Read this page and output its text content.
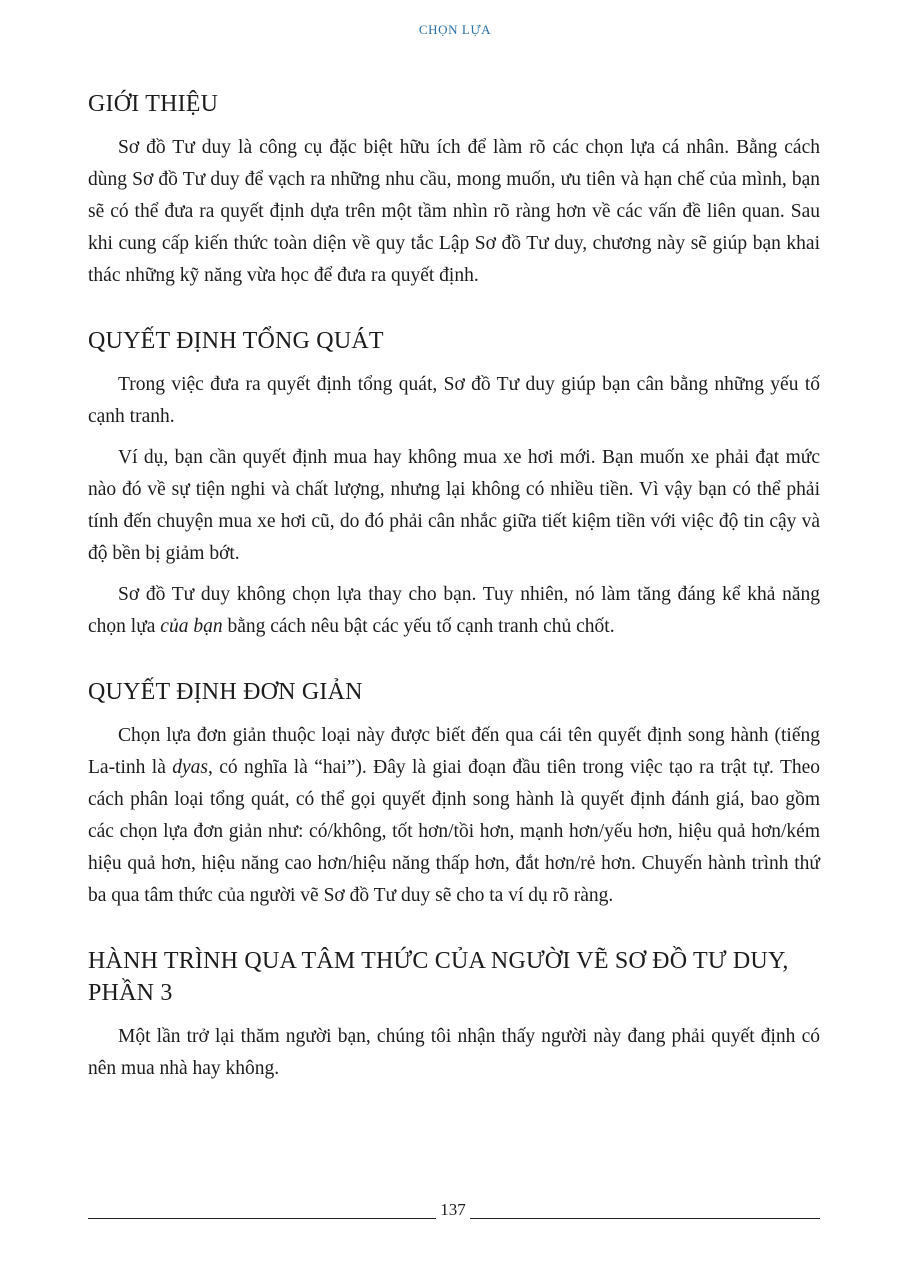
CHỌN LỰA
GIỚI THIỆU

Sơ đồ Tư duy là công cụ đặc biệt hữu ích để làm rõ các chọn lựa cá nhân. Bằng cách dùng Sơ đồ Tư duy để vạch ra những nhu cầu, mong muốn, ưu tiên và hạn chế của mình, bạn sẽ có thể đưa ra quyết định dựa trên một tầm nhìn rõ ràng hơn về các vấn đề liên quan. Sau khi cung cấp kiến thức toàn diện về quy tắc Lập Sơ đồ Tư duy, chương này sẽ giúp bạn khai thác những kỹ năng vừa học để đưa ra quyết định.

QUYẾT ĐỊNH TỔNG QUÁT

Trong việc đưa ra quyết định tổng quát, Sơ đồ Tư duy giúp bạn cân bằng những yếu tố cạnh tranh.

Ví dụ, bạn cần quyết định mua hay không mua xe hơi mới. Bạn muốn xe phải đạt mức nào đó về sự tiện nghi và chất lượng, nhưng lại không có nhiều tiền. Vì vậy bạn có thể phải tính đến chuyện mua xe hơi cũ, do đó phải cân nhắc giữa tiết kiệm tiền với việc độ tin cậy và độ bền bị giảm bớt.

Sơ đồ Tư duy không chọn lựa thay cho bạn. Tuy nhiên, nó làm tăng đáng kể khả năng chọn lựa của bạn bằng cách nêu bật các yếu tố cạnh tranh chủ chốt.

QUYẾT ĐỊNH ĐƠN GIẢN

Chọn lựa đơn giản thuộc loại này được biết đến qua cái tên quyết định song hành (tiếng La-tinh là dyas, có nghĩa là “hai”). Đây là giai đoạn đầu tiên trong việc tạo ra trật tự. Theo cách phân loại tổng quát, có thể gọi quyết định song hành là quyết định đánh giá, bao gồm các chọn lựa đơn giản như: có/không, tốt hơn/tồi hơn, mạnh hơn/yếu hơn, hiệu quả hơn/kém hiệu quả hơn, hiệu năng cao hơn/hiệu năng thấp hơn, đắt hơn/rẻ hơn. Chuyến hành trình thứ ba qua tâm thức của người vẽ Sơ đồ Tư duy sẽ cho ta ví dụ rõ ràng.

HÀNH TRÌNH QUA TÂM THỨC CỦA NGƯỜI VẼ SƠ ĐỒ TƯ DUY, PHẦN 3

Một lần trở lại thăm người bạn, chúng tôi nhận thấy người này đang phải quyết định có nên mua nhà hay không.

137
